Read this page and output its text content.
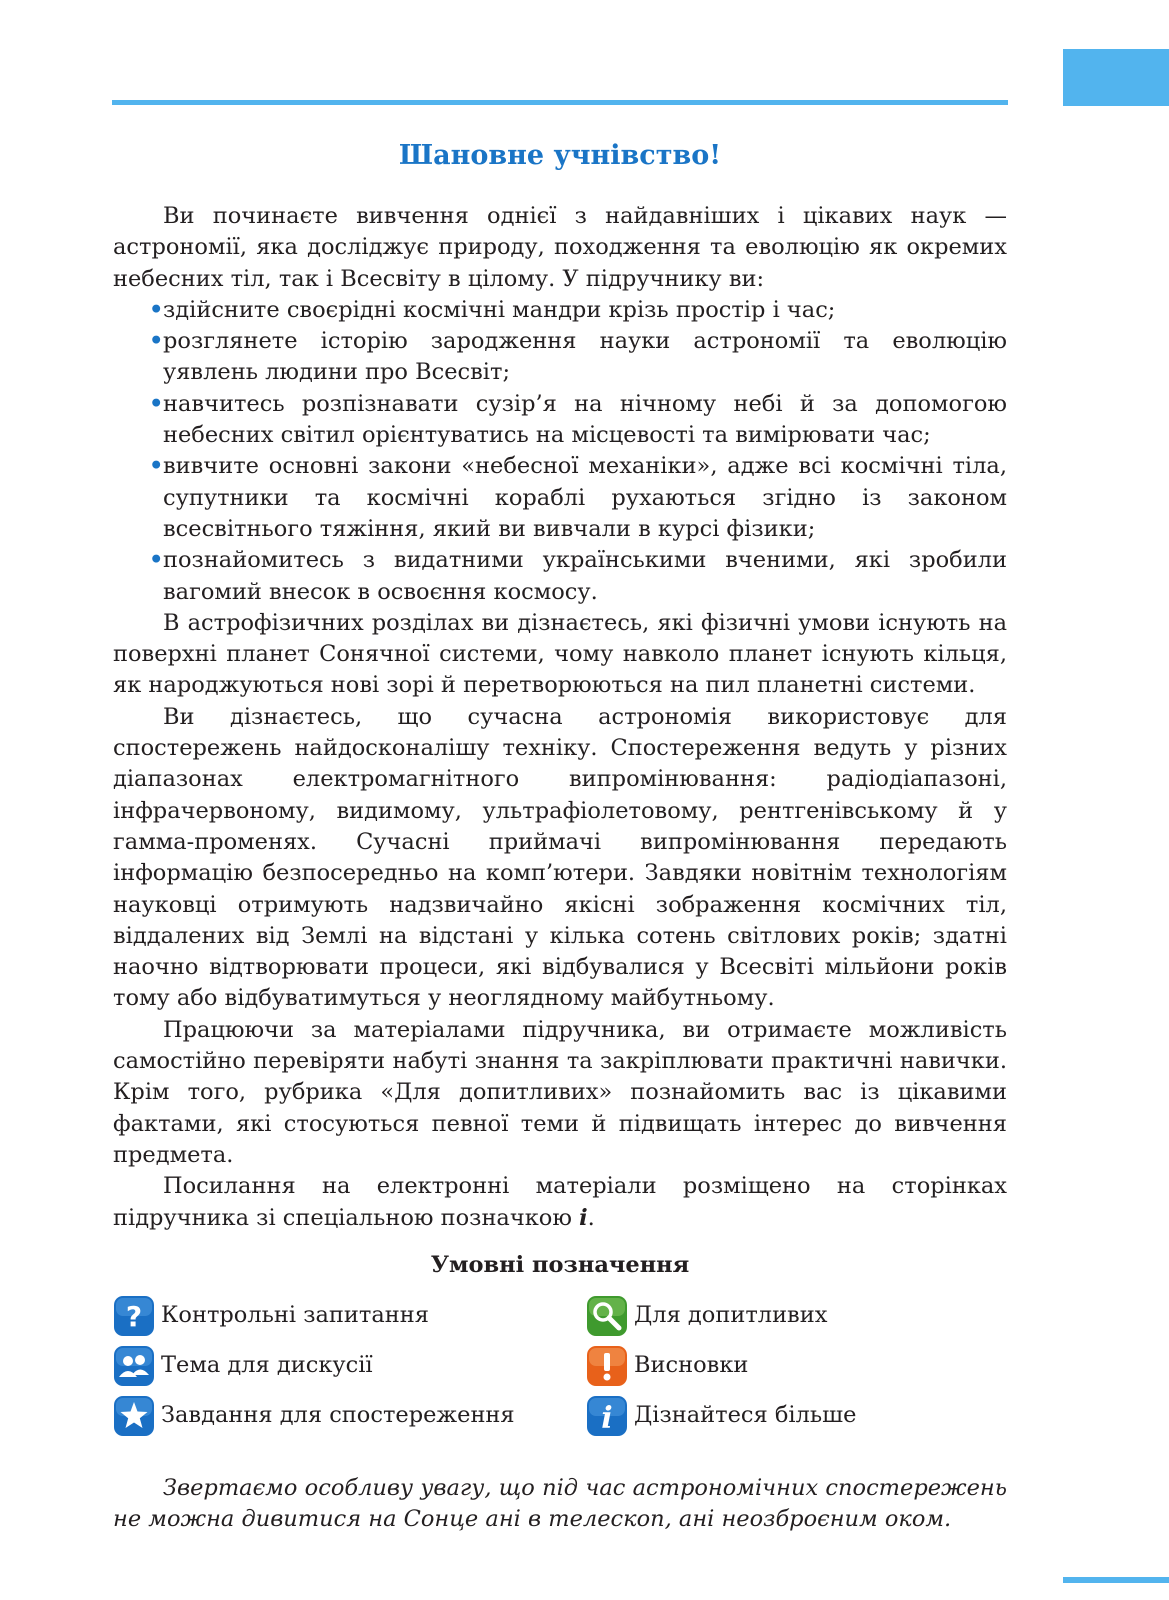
Шановне учнівство!

Ви починаєте вивчення однієї з найдавніших і цікавих наук — астрономії, яка досліджує природу, походження та еволюцію як окремих небесних тіл, так і Всесвіту в цілому. У підручнику ви:

• здійсните своєрідні космічні мандри крізь простір і час;
• розглянете історію зародження науки астрономії та еволюцію уявлень людини про Всесвіт;
• навчитесь розпізнавати сузір’я на нічному небі й за допомогою небесних світил орієнтуватись на місцевості та вимірювати час;
• вивчите основні закони «небесної механіки», адже всі космічні тіла, супутники та космічні кораблі рухаються згідно із законом всесвітнього тяжіння, який ви вивчали в курсі фізики;
• познайомитесь з видатними українськими вченими, які зробили вагомий внесок в освоєння космосу.

В астрофізичних розділах ви дізнаєтесь, які фізичні умови існують на поверхні планет Сонячної системи, чому навколо планет існують кільця, як народжуються нові зорі й перетворюються на пил планетні системи.

Ви дізнаєтесь, що сучасна астрономія використовує для спостережень найдосконалішу техніку. Спостереження ведуть у різних діапазонах електромагнітного випромінювання: радіодіапазоні, інфрачервоному, видимому, ультрафіолетовому, рентгенівському й у гамма-променях. Сучасні приймачі випромінювання передають інформацію безпосередньо на комп’ютери. Завдяки новітнім технологіям науковці отримують надзвичайно якісні зображення космічних тіл, віддалених від Землі на відстані у кілька сотень світлових років; здатні наочно відтворювати процеси, які відбувалися у Всесвіті мільйони років тому або відбуватимуться у неоглядному майбутньому.

Працюючи за матеріалами підручника, ви отримаєте можливість самостійно перевіряти набуті знання та закріплювати практичні навички. Крім того, рубрика «Для допитливих» познайомить вас із цікавими фактами, які стосуються певної теми й підвищать інтерес до вивчення предмета.

Посилання на електронні матеріали розміщено на сторінках підручника зі спеціальною позначкою i.

Умовні позначення
? Контрольні запитання	Для допитливих
Тема для дискусії	Висновки
Завдання для спостереження	i Дізнайтеся більше

Звертаємо особливу увагу, що під час астрономічних спостережень не можна дивитися на Сонце ані в телескоп, ані неозброєним оком.
